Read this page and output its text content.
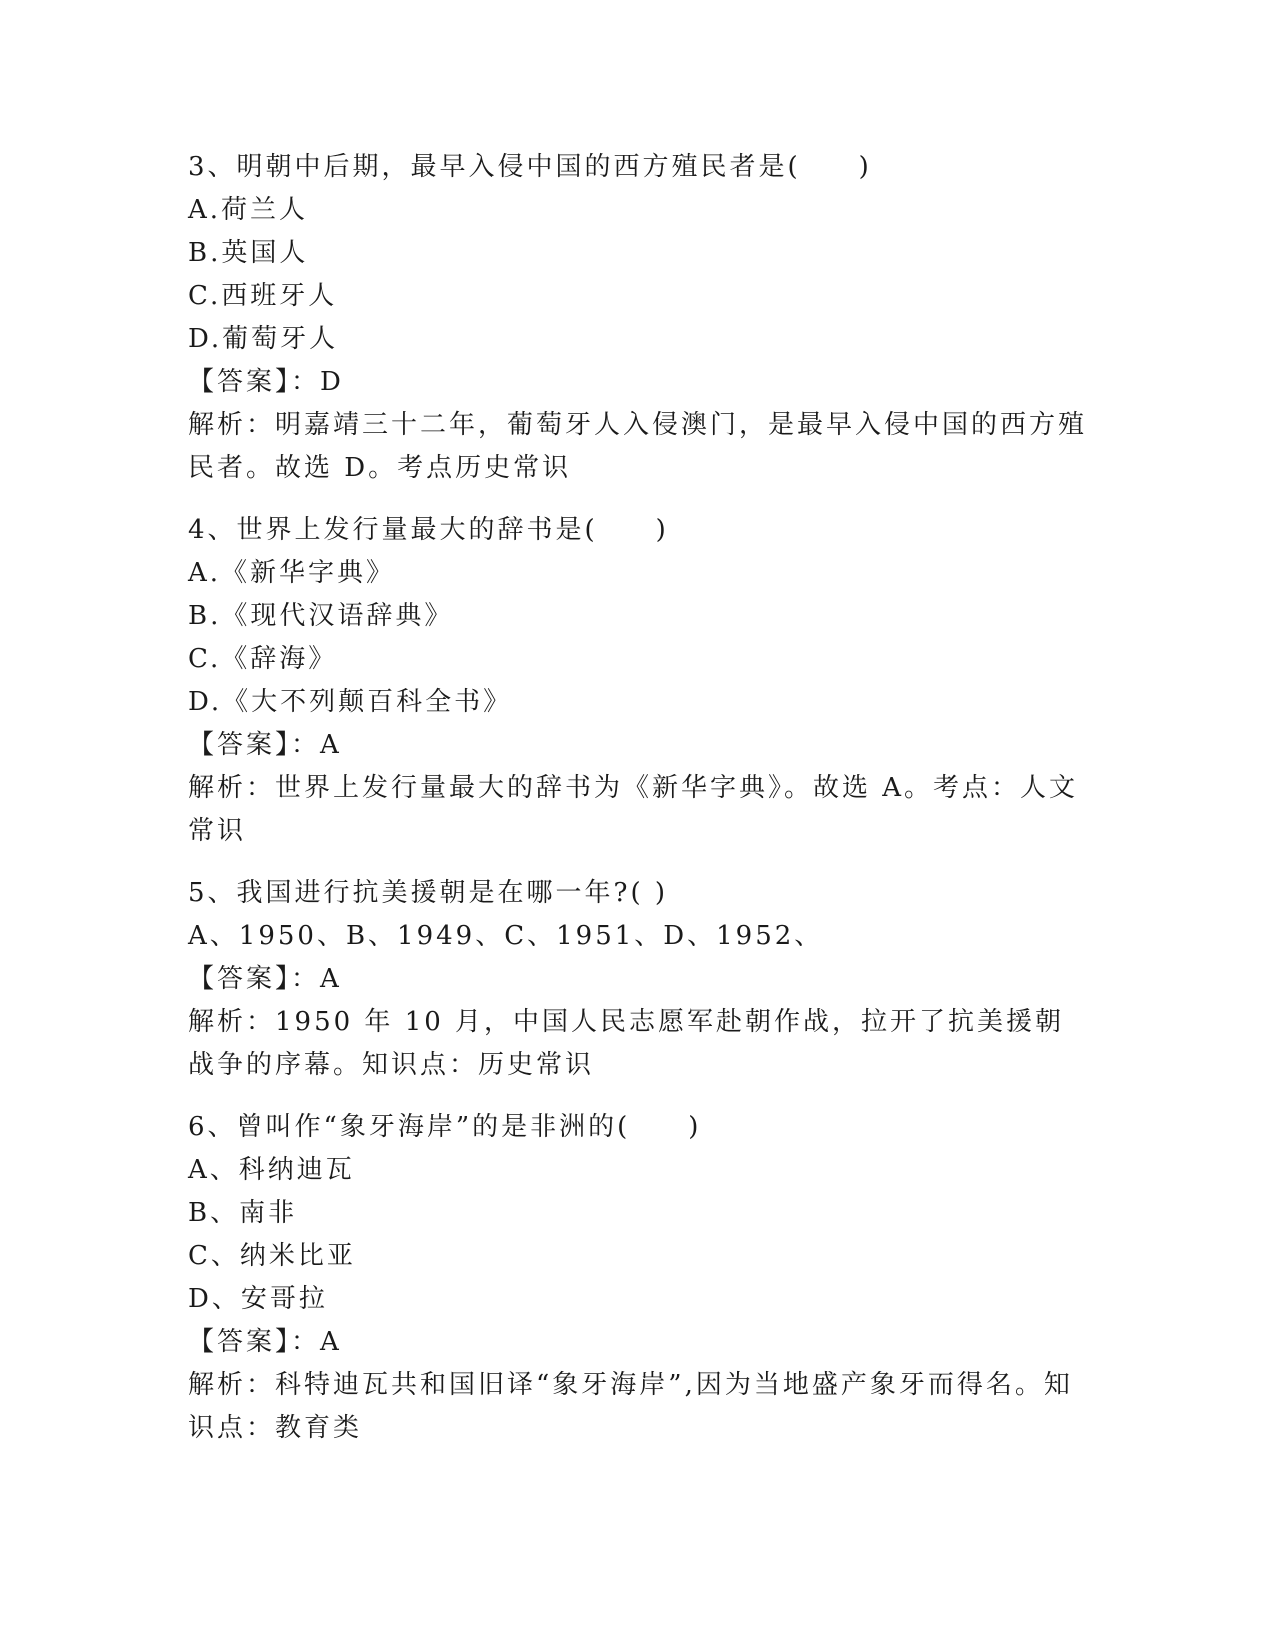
3、明朝中后期，最早入侵中国的西方殖民者是(　　)
A.荷兰人
B.英国人
C.西班牙人
D.葡萄牙人
【答案】：D
解析：明嘉靖三十二年，葡萄牙人入侵澳门，是最早入侵中国的西方殖民者。故选 D。考点历史常识
4、世界上发行量最大的辞书是(　　)
A.《新华字典》
B.《现代汉语辞典》
C.《辞海》
D.《大不列颠百科全书》
【答案】：A
解析：世界上发行量最大的辞书为《新华字典》。故选 A。考点：人文常识
5、我国进行抗美援朝是在哪一年?( )
A、1950、B、1949、C、1951、D、1952、
【答案】：A
解析：1950 年 10 月，中国人民志愿军赴朝作战，拉开了抗美援朝战争的序幕。知识点：历史常识
6、曾叫作“象牙海岸”的是非洲的(　　)
A、科纳迪瓦
B、南非
C、纳米比亚
D、安哥拉
【答案】：A
解析：科特迪瓦共和国旧译“象牙海岸”,因为当地盛产象牙而得名。知识点：教育类
